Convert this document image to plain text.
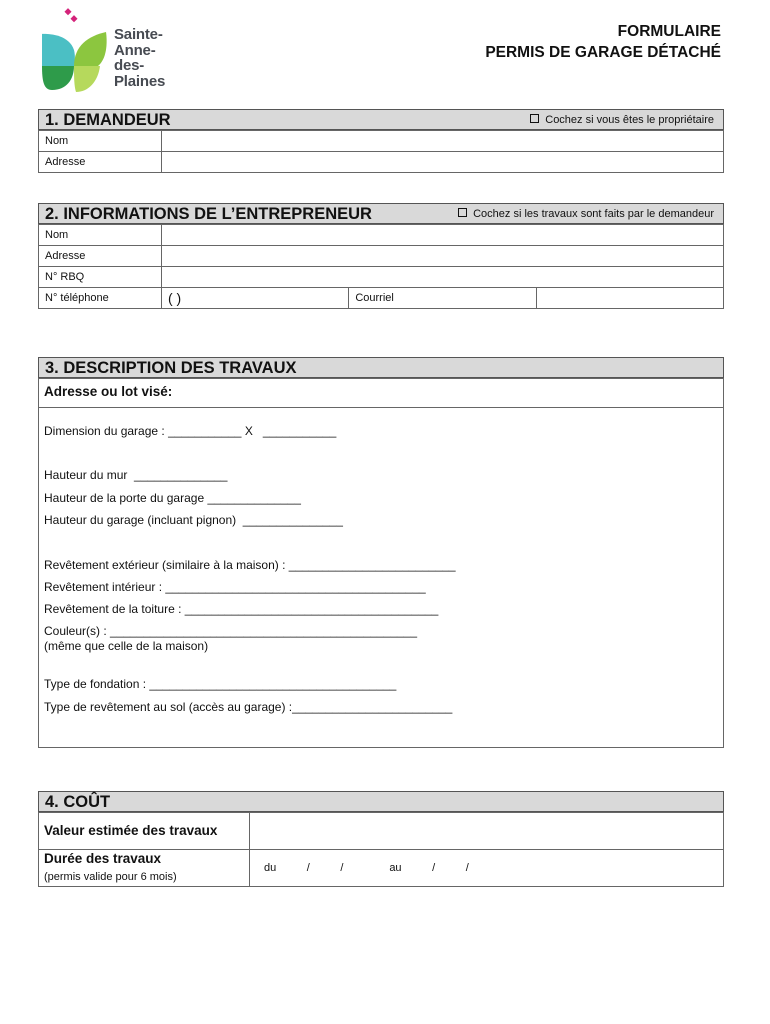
Sainte-
Anne-
des-
Plaines
FORMULAIRE
PERMIS DE GARAGE DÉTACHÉ
1. DEMANDEUR	Cochez si vous êtes le propriétaire
Nom	
Adresse	
2. INFORMATIONS DE L’ENTREPRENEUR	Cochez si les travaux sont faits par le demandeur
Nom			
Adresse			
N° RBQ			
N° téléphone	( )	Courriel	
3. DESCRIPTION DES TRAVAUX
Adresse ou lot visé:
Dimension du garage : ___________ X   ___________
Hauteur du mur  ______________
Hauteur de la porte du garage ______________
Hauteur du garage (incluant pignon)  _______________
Revêtement extérieur (similaire à la maison) : _________________________
Revêtement intérieur : _______________________________________
Revêtement de la toiture : ______________________________________
Couleur(s) : ______________________________________________
(même que celle de la maison)
Type de fondation : _____________________________________
Type de revêtement au sol (accès au garage) :________________________
4. COÛT
Valeur estimée des travaux
Durée des travaux
(permis valide pour 6 mois)
du          /          /               au          /          /
